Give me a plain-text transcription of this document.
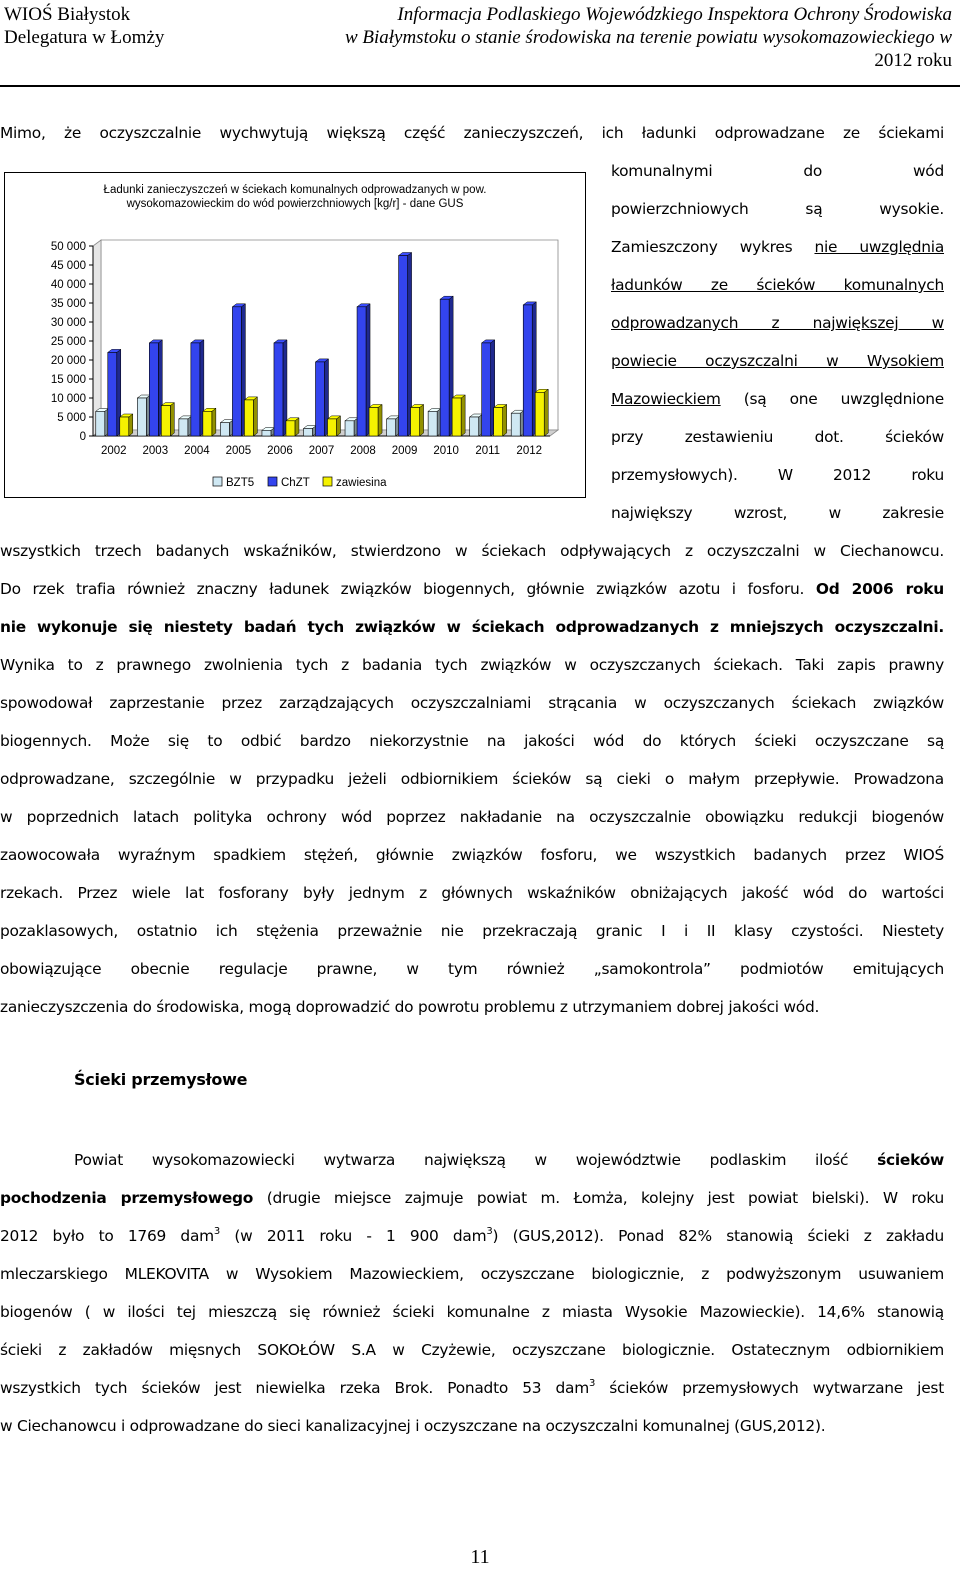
WIOŚ Białystok
Delegatura w Łomży
Informacja Podlaskiego Wojewódzkiego Inspektora Ochrony Środowiska
w Białymstoku o stanie środowiska na terenie powiatu wysokomazowieckiego w
2012 roku
Mimo, że oczyszczalnie wychwytują większą część zanieczyszczeń, ich ładunki odprowadzane ze ściekami
komunalnymi do wód
powierzchniowych są wysokie.
Zamieszczony wykres nie uwzględnia
ładunków ze ścieków komunalnych
odprowadzanych z największej w
powiecie oczyszczalni w Wysokiem
Mazowieckiem (są one uwzględnione
przy zestawieniu dot. ścieków
przemysłowych). W 2012 roku
największy wzrost, w zakresie
wszystkich trzech badanych wskaźników, stwierdzono w ściekach odpływających z oczyszczalni w Ciechanowcu.
Do rzek trafia również znaczny ładunek związków biogennych, głównie związków azotu i fosforu. Od 2006 roku
nie wykonuje się niestety badań tych związków w ściekach odprowadzanych z mniejszych oczyszczalni.
Wynika to z prawnego zwolnienia tych z badania tych związków w oczyszczanych ściekach. Taki zapis prawny
spowodował zaprzestanie przez zarządzających oczyszczalniami strącania w oczyszczanych ściekach związków
biogennych. Może się to odbić bardzo niekorzystnie na jakości wód do których ścieki oczyszczane są
odprowadzane, szczególnie w przypadku jeżeli odbiornikiem ścieków są cieki o małym przepływie. Prowadzona
w poprzednich latach polityka ochrony wód poprzez nakładanie na oczyszczalnie obowiązku redukcji biogenów
zaowocowała wyraźnym spadkiem stężeń, głównie związków fosforu, we wszystkich badanych przez WIOŚ
rzekach. Przez wiele lat fosforany były jednym z głównych wskaźników obniżających jakość wód do wartości
pozaklasowych, ostatnio ich stężenia przeważnie nie przekraczają granic I i II klasy czystości. Niestety
obowiązujące obecnie regulacje prawne, w tym również „samokontrola” podmiotów emitujących
zanieczyszczenia do środowiska, mogą doprowadzić do powrotu problemu z utrzymaniem dobrej jakości wód.
Ścieki przemysłowe
Powiat wysokomazowiecki wytwarza największą w województwie podlaskim ilość ścieków
pochodzenia przemysłowego (drugie miejsce zajmuje powiat m. Łomża, kolejny jest powiat bielski). W roku
2012 było to 1769 dam$^3$ (w 2011 roku - 1 900 dam$^3$) (GUS,2012). Ponad 82% stanowią ścieki z zakładu
mleczarskiego MLEKOVITA w Wysokiem Mazowieckiem, oczyszczane biologicznie, z podwyższonym usuwaniem
biogenów ( w ilości tej mieszczą się również ścieki komunalne z miasta Wysokie Mazowieckie). 14,6% stanowią
ścieki z zakładów mięsnych SOKOŁÓW S.A w Czyżewie, oczyszczane biologicznie. Ostatecznym odbiornikiem
wszystkich tych ścieków jest niewielka rzeka Brok. Ponadto 53 dam$^3$ ścieków przemysłowych wytwarzane jest
w Ciechanowcu i odprowadzane do sieci kanalizacyjnej i oczyszczane na oczyszczalni komunalnej (GUS,2012).
Ładunki zanieczyszczeń w ściekach komunalnych odprowadzanych w pow. wysokomazowieckim do wód powierzchniowych [kg/r] - dane GUS
0
5 000
10 000
15 000
20 000
25 000
30 000
35 000
40 000
45 000
50 000
2002 2003 2004 2005 2006 2007 2008 2009 2010 2011 2012
BZT5 ChZT zawiesina
11
